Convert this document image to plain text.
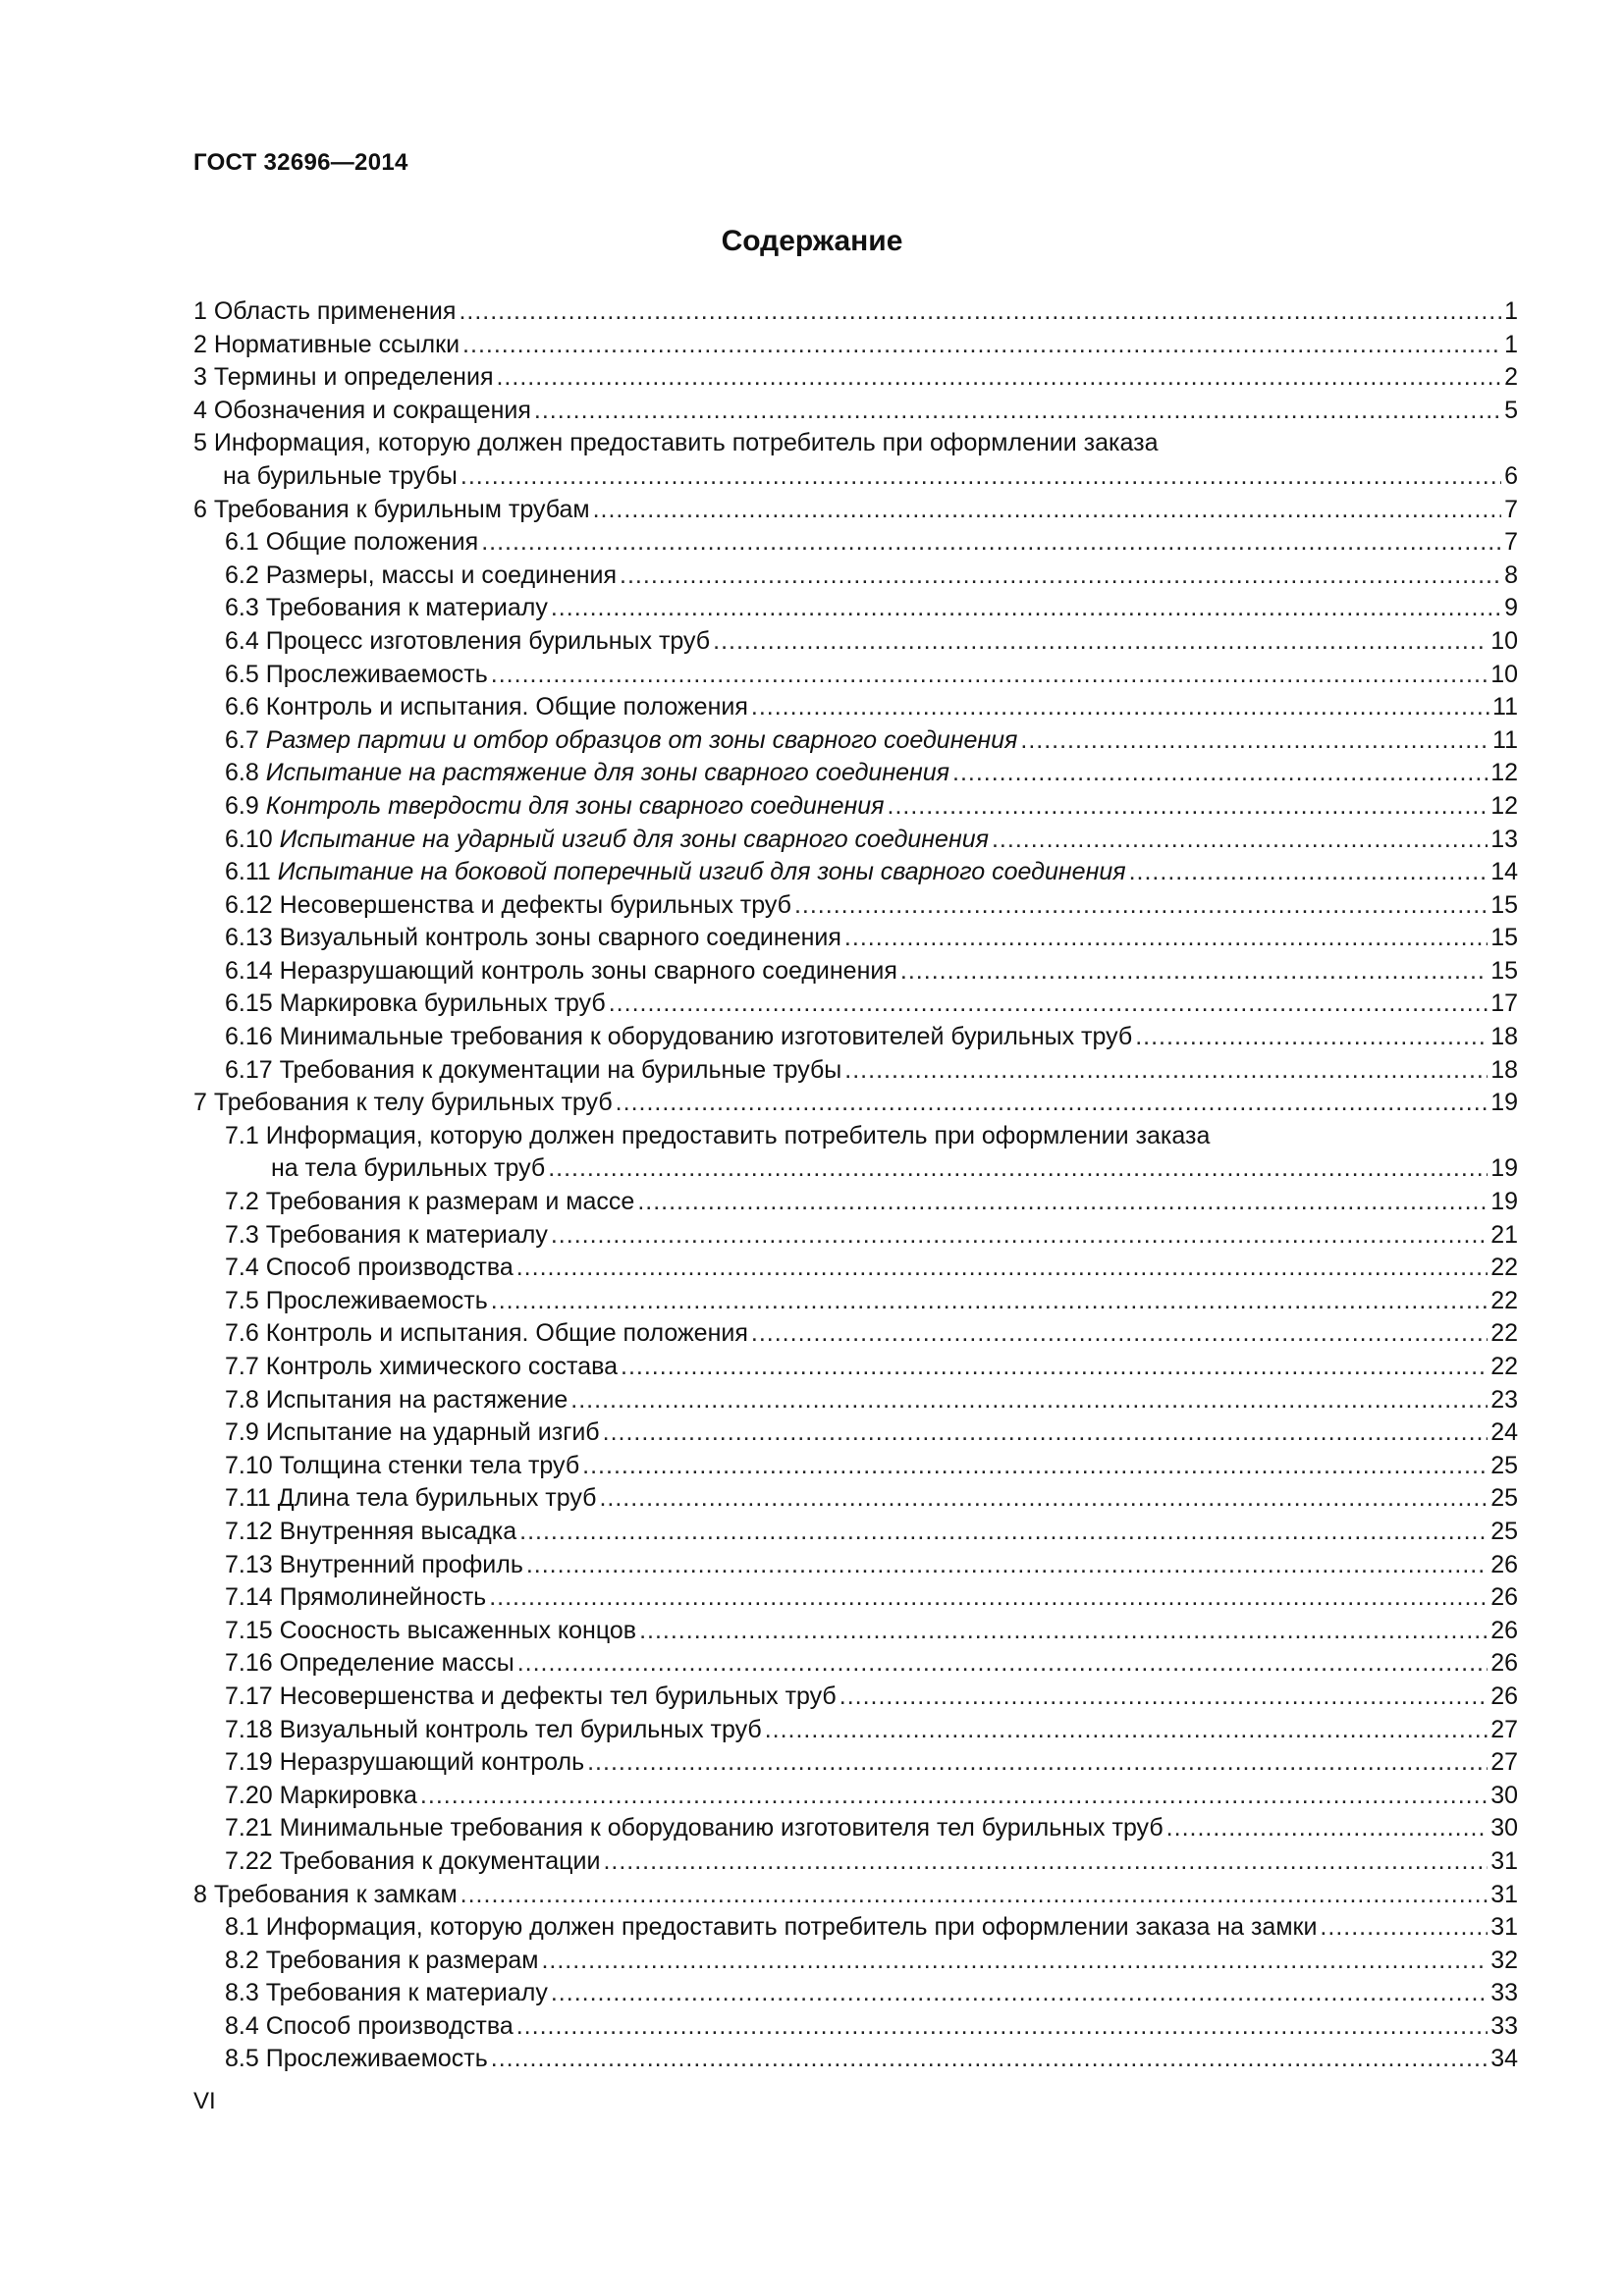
ГОСТ 32696—2014
Содержание
1 Область применения .....	1
2 Нормативные ссылки .....	1
3 Термины и определения .....	2
4 Обозначения и сокращения .....	5
5 Информация, которую должен предоставить потребитель при оформлении заказа
на бурильные трубы .....	6
6 Требования к бурильным трубам .....	7
6.1 Общие положения .....	7
6.2 Размеры, массы и соединения .....	8
6.3 Требования к материалу .....	9
6.4 Процесс изготовления бурильных труб .....	10
6.5 Прослеживаемость .....	10
6.6 Контроль и испытания. Общие положения .....	11
6.7 Размер партии и отбор образцов от зоны сварного соединения .....	11
6.8 Испытание на растяжение для зоны сварного соединения .....	12
6.9 Контроль твердости для зоны сварного соединения .....	12
6.10 Испытание на ударный изгиб для зоны сварного соединения .....	13
6.11 Испытание на боковой поперечный изгиб для зоны сварного соединения .....	14
6.12 Несовершенства и дефекты бурильных труб .....	15
6.13 Визуальный контроль зоны сварного соединения .....	15
6.14 Неразрушающий контроль зоны сварного соединения .....	15
6.15 Маркировка бурильных труб .....	17
6.16 Минимальные требования к оборудованию изготовителей бурильных труб .....	18
6.17 Требования к документации на бурильные трубы .....	18
7 Требования к телу бурильных труб .....	19
7.1 Информация, которую должен предоставить потребитель при оформлении заказа
на тела бурильных труб .....	19
7.2 Требования к размерам и массе .....	19
7.3 Требования к материалу .....	21
7.4 Способ производства .....	22
7.5 Прослеживаемость .....	22
7.6 Контроль и испытания. Общие положения .....	22
7.7 Контроль химического состава .....	22
7.8 Испытания на растяжение .....	23
7.9 Испытание на ударный изгиб .....	24
7.10 Толщина стенки тела труб .....	25
7.11 Длина тела бурильных труб .....	25
7.12 Внутренняя высадка .....	25
7.13 Внутренний профиль .....	26
7.14 Прямолинейность .....	26
7.15 Соосность высаженных концов .....	26
7.16 Определение массы .....	26
7.17 Несовершенства и дефекты тел бурильных труб .....	26
7.18 Визуальный контроль тел бурильных труб .....	27
7.19 Неразрушающий контроль .....	27
7.20 Маркировка .....	30
7.21 Минимальные требования к оборудованию изготовителя тел бурильных труб .....	30
7.22 Требования к документации .....	31
8 Требования к замкам .....	31
8.1 Информация, которую должен предоставить потребитель при оформлении заказа на замки .....	31
8.2 Требования к размерам .....	32
8.3 Требования к материалу .....	33
8.4 Способ производства .....	33
8.5 Прослеживаемость .....	34
VI
